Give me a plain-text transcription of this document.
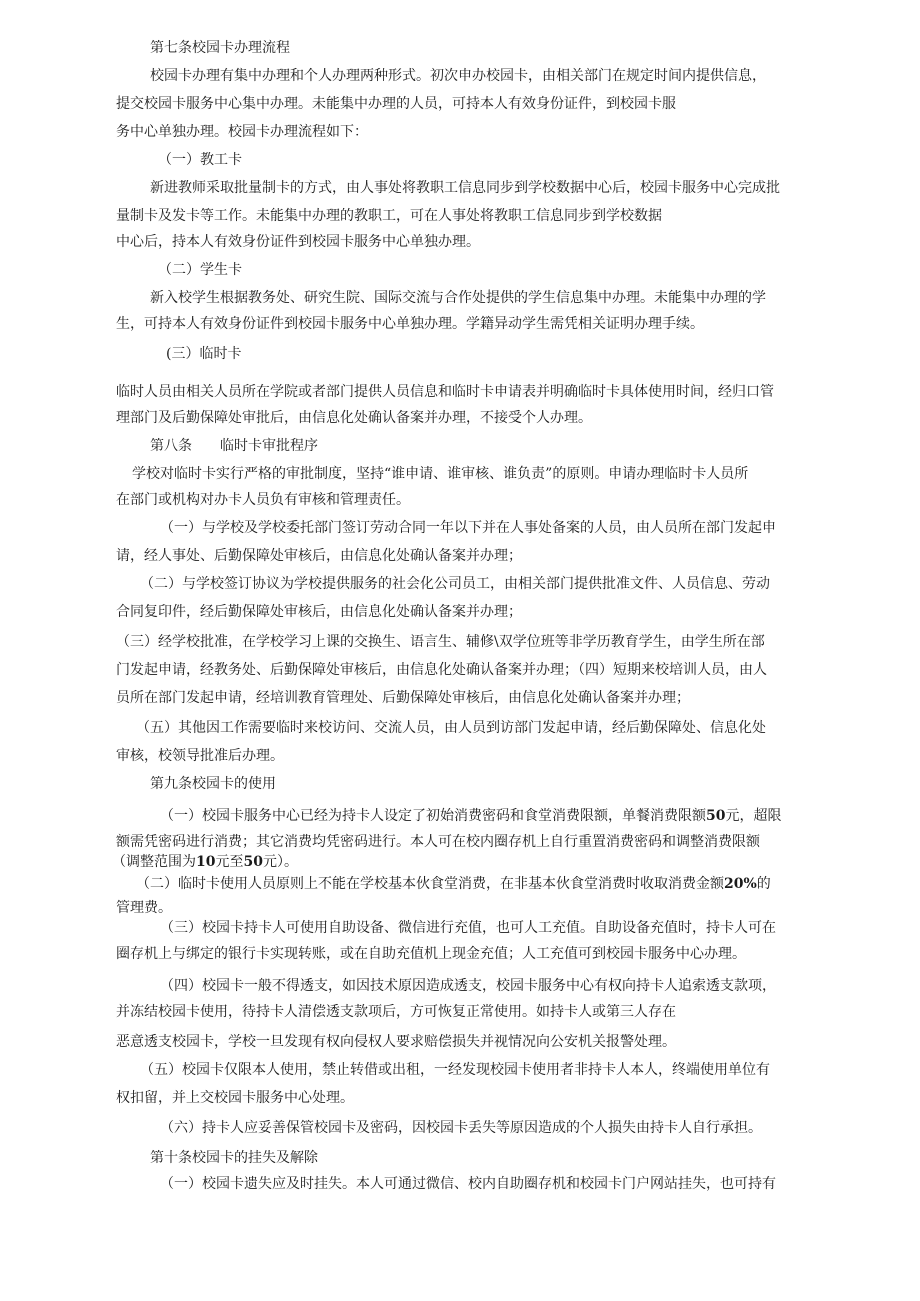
第七条校园卡办理流程
校园卡办理有集中办理和个人办理两种形式。初次申办校园卡，由相关部门在规定时间内提供信息，
提交校园卡服务中心集中办理。未能集中办理的人员，可持本人有效身份证件，到校园卡服
务中心单独办理。校园卡办理流程如下：
（一）教工卡
新进教师采取批量制卡的方式，由人事处将教职工信息同步到学校数据中心后，校园卡服务中心完成批
量制卡及发卡等工作。未能集中办理的教职工，可在人事处将教职工信息同步到学校数据
中心后，持本人有效身份证件到校园卡服务中心单独办理。
（二）学生卡
新入校学生根据教务处、研究生院、国际交流与合作处提供的学生信息集中办理。未能集中办理的学
生，可持本人有效身份证件到校园卡服务中心单独办理。学籍异动学生需凭相关证明办理手续。
(三）临时卡
临时人员由相关人员所在学院或者部门提供人员信息和临时卡申请表并明确临时卡具体使用时间，经归口管
理部门及后勤保障处审批后，由信息化处确认备案并办理，不接受个人办理。
第八条　　临时卡审批程序
学校对临时卡实行严格的审批制度，坚持“谁申请、谁审核、谁负责”的原则。申请办理临时卡人员所
在部门或机构对办卡人员负有审核和管理责任。
（一）与学校及学校委托部门签订劳动合同一年以下并在人事处备案的人员，由人员所在部门发起申
请，经人事处、后勤保障处审核后，由信息化处确认备案并办理；
（二）与学校签订协议为学校提供服务的社会化公司员工，由相关部门提供批准文件、人员信息、劳动
合同复印件，经后勤保障处审核后，由信息化处确认备案并办理；
（三）经学校批准，在学校学习上课的交换生、语言生、辅修\双学位班等非学历教育学生，由学生所在部
门发起申请，经教务处、后勤保障处审核后，由信息化处确认备案并办理；（四）短期来校培训人员，由人
员所在部门发起申请，经培训教育管理处、后勤保障处审核后，由信息化处确认备案并办理；
（五）其他因工作需要临时来校访问、交流人员，由人员到访部门发起申请，经后勤保障处、信息化处
审核，校领导批准后办理。
第九条校园卡的使用
（一）校园卡服务中心已经为持卡人设定了初始消费密码和食堂消费限额，单餐消费限额50元，超限
额需凭密码进行消费；其它消费均凭密码进行。本人可在校内圈存机上自行重置消费密码和调整消费限额
（调整范围为10元至50元）。
（二）临时卡使用人员原则上不能在学校基本伙食堂消费，在非基本伙食堂消费时收取消费金额20%的
管理费。
（三）校园卡持卡人可使用自助设备、微信进行充值，也可人工充值。自助设备充值时，持卡人可在
圈存机上与绑定的银行卡实现转账，或在自助充值机上现金充值；人工充值可到校园卡服务中心办理。
（四）校园卡一般不得透支，如因技术原因造成透支，校园卡服务中心有权向持卡人追索透支款项，
并冻结校园卡使用，待持卡人清偿透支款项后，方可恢复正常使用。如持卡人或第三人存在
恶意透支校园卡，学校一旦发现有权向侵权人要求赔偿损失并视情况向公安机关报警处理。
（五）校园卡仅限本人使用，禁止转借或出租，一经发现校园卡使用者非持卡人本人，终端使用单位有
权扣留，并上交校园卡服务中心处理。
（六）持卡人应妥善保管校园卡及密码，因校园卡丢失等原因造成的个人损失由持卡人自行承担。
第十条校园卡的挂失及解除
（一）校园卡遗失应及时挂失。本人可通过微信、校内自助圈存机和校园卡门户网站挂失，也可持有
